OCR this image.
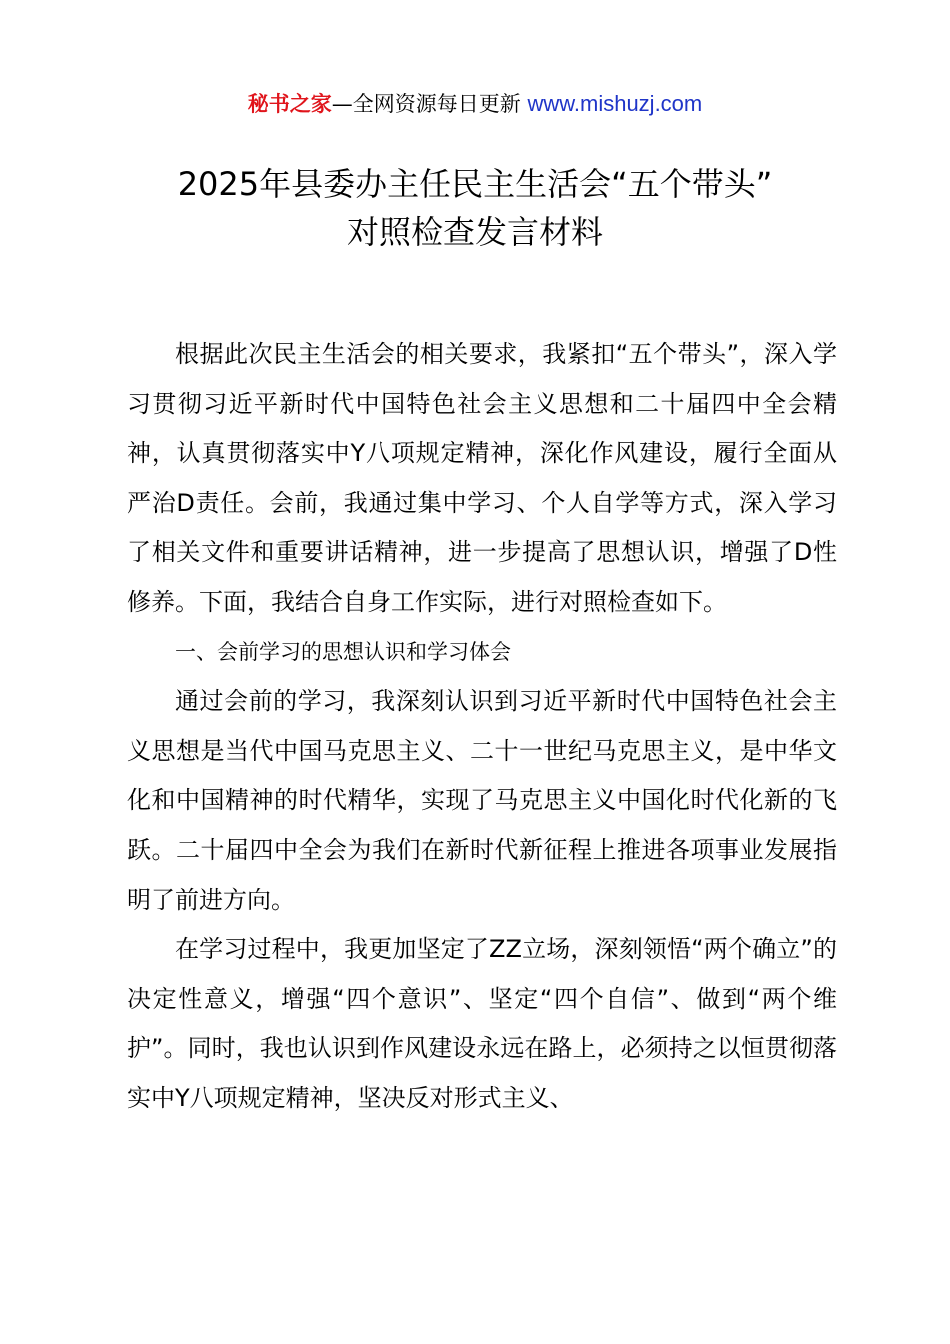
秘书之家—全网资源每日更新 www.mishuzj.com
2025年县委办主任民主生活会“五个带头”
对照检查发言材料

根据此次民主生活会的相关要求，我紧扣“五个带头”，深入学习贯彻习近平新时代中国特色社会主义思想和二十届四中全会精神，认真贯彻落实中Y八项规定精神，深化作风建设，履行全面从严治D责任。会前，我通过集中学习、个人自学等方式，深入学习了相关文件和重要讲话精神，进一步提高了思想认识，增强了D性修养。下面，我结合自身工作实际，进行对照检查如下。

一、会前学习的思想认识和学习体会

通过会前的学习，我深刻认识到习近平新时代中国特色社会主义思想是当代中国马克思主义、二十一世纪马克思主义，是中华文化和中国精神的时代精华，实现了马克思主义中国化时代化新的飞跃。二十届四中全会为我们在新时代新征程上推进各项事业发展指明了前进方向。

在学习过程中，我更加坚定了ZZ立场，深刻领悟“两个确立”的决定性意义，增强“四个意识”、坚定“四个自信”、做到“两个维护”。同时，我也认识到作风建设永远在路上，必须持之以恒贯彻落实中Y八项规定精神，坚决反对形式主义、
